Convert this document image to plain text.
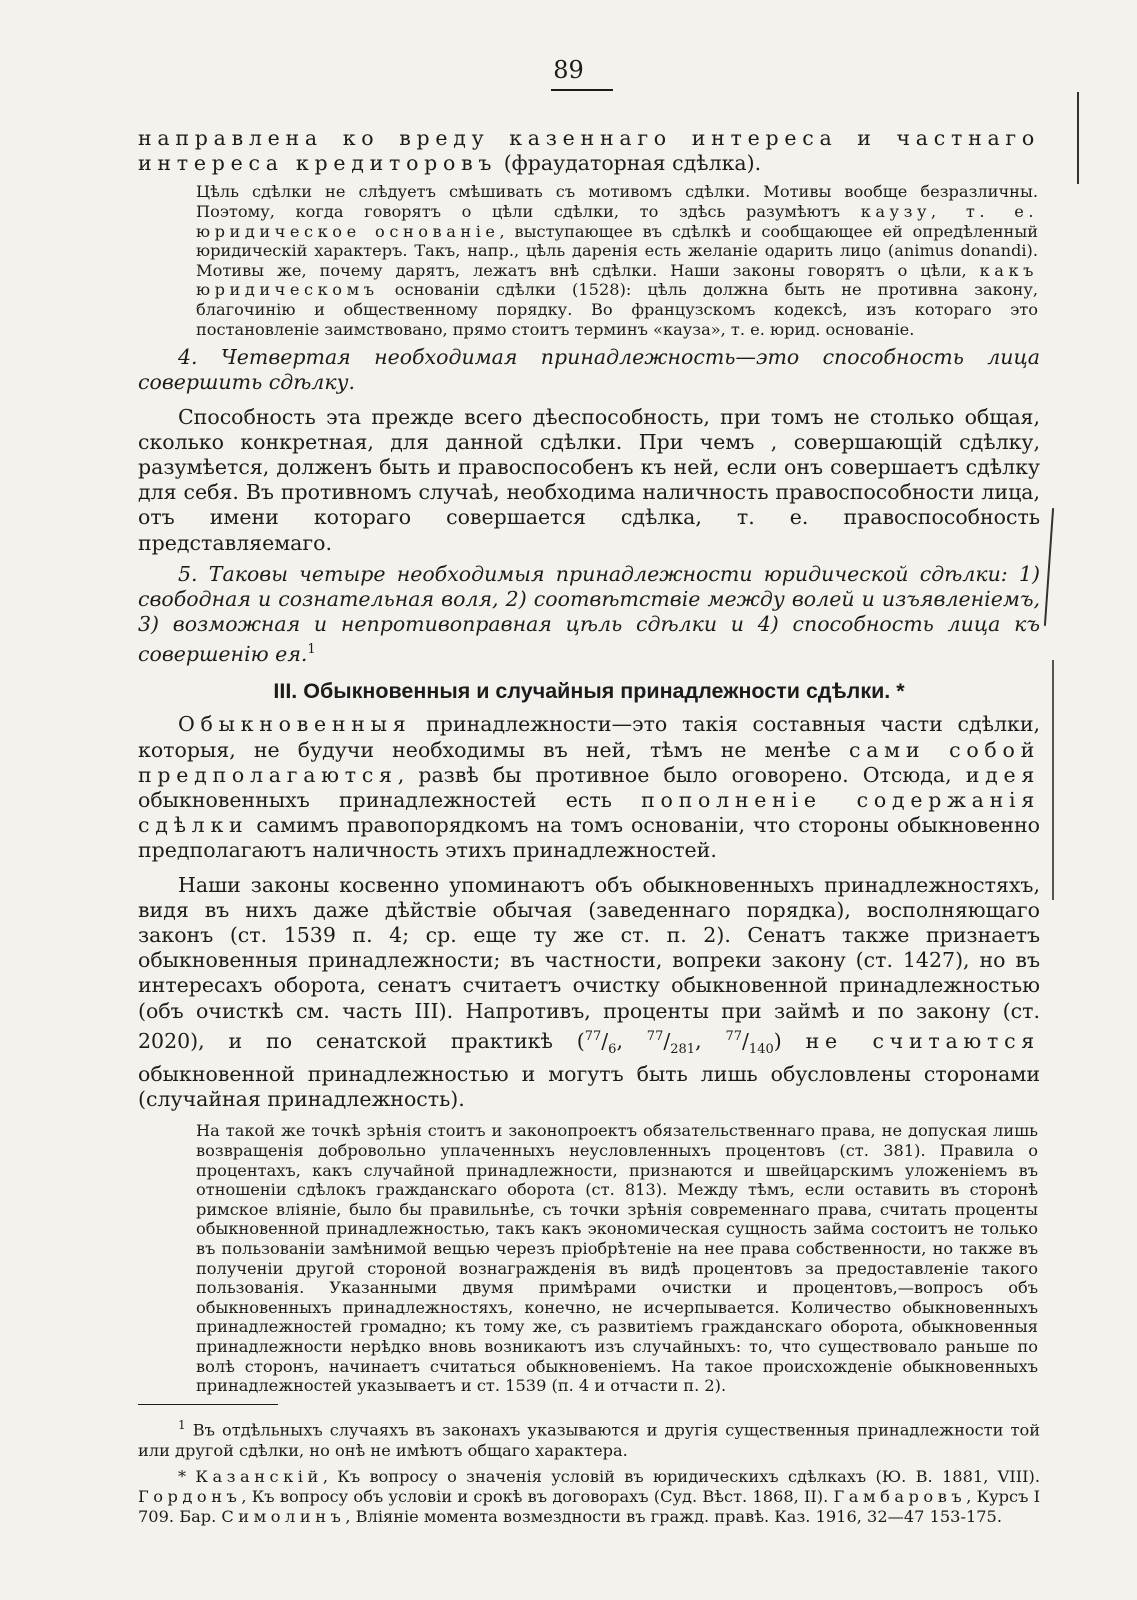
89

направлена ко вреду казеннаго интереса и частнаго интереса кредиторовъ (фраудаторная сдѣлка).

Цѣль сдѣлки не слѣдуетъ смѣшивать съ мотивомъ сдѣлки. Мотивы вообще безразличны. Поэтому, когда говорятъ о цѣли сдѣлки, то здѣсь разумѣютъ каузу, т. е. юридическое основаніе, выступающее въ сдѣлкѣ и сообщающее ей опредѣленный юридическій характеръ. Такъ, напр., цѣль даренія есть желаніе одарить лицо (animus donandi). Мотивы же, почему дарятъ, лежатъ внѣ сдѣлки. Наши законы говорятъ о цѣли, какъ юридическомъ основаніи сдѣлки (1528): цѣль должна быть не противна закону, благочинію и общественному порядку. Во французскомъ кодексѣ, изъ котораго это постановленіе заимствовано, прямо стоитъ терминъ «кауза», т. е. юрид. основаніе.

4. Четвертая необходимая принадлежность—это способность лица совершить сдѣлку.

Способность эта прежде всего дѣеспособность, при томъ не столько общая, сколько конкретная, для данной сдѣлки. При чемъ , совершающій сдѣлку, разумѣется, долженъ быть и правоспособенъ къ ней, если онъ совершаетъ сдѣлку для себя. Въ противномъ случаѣ, необходима наличность правоспособности лица, отъ имени котораго совершается сдѣлка, т. е. правоспособность представляемаго.

5. Таковы четыре необходимыя принадлежности юридической сдѣлки: 1) свободная и сознательная воля, 2) соотвѣтствіе между волей и изъявленіемъ, 3) возможная и непротивоправная цѣль сдѣлки и 4) способность лица къ совершенію ея.$^1$

III. Обыкновенныя и случайныя принадлежности сдѣлки. *

Обыкновенныя принадлежности—это такія составныя части сдѣлки, которыя, не будучи необходимы въ ней, тѣмъ не менѣе сами собой предполагаются, развѣ бы противное было оговорено. Отсюда, идея обыкновенныхъ принадлежностей есть пополненіе содержанія сдѣлки самимъ правопорядкомъ на томъ основаніи, что стороны обыкновенно предполагаютъ наличность этихъ принадлежностей.

Наши законы косвенно упоминаютъ объ обыкновенныхъ принадлежностяхъ, видя въ нихъ даже дѣйствіе обычая (заведеннаго порядка), восполняющаго законъ (ст. 1539 п. 4; ср. еще ту же ст. п. 2). Сенатъ также признаетъ обыкновенныя принадлежности; въ частности, вопреки закону (ст. 1427), но въ интересахъ оборота, сенатъ считаетъ очистку обыкновенной принадлежностью (объ очисткѣ см. часть III). Напротивъ, проценты при займѣ и по закону (ст. 2020), и по сенатской практикѣ ($^{77}/_6$, $^{77}/_{281}$, $^{77}/_{140}$) не считаются обыкновенной принадлежностью и могутъ быть лишь обусловлены сторонами (случайная принадлежность).

На такой же точкѣ зрѣнія стоитъ и законопроектъ обязательственнаго права, не допуская лишь возвращенія добровольно уплаченныхъ неусловленныхъ процентовъ (ст. 381). Правила о процентахъ, какъ случайной принадлежности, признаются и швейцарскимъ уложеніемъ въ отношеніи сдѣлокъ гражданскаго оборота (ст. 813). Между тѣмъ, если оставить въ сторонѣ римское вліяніе, было бы правильнѣе, съ точки зрѣнія современнаго права, считать проценты обыкновенной принадлежностью, такъ какъ экономическая сущность займа состоитъ не только въ пользованіи замѣнимой вещью черезъ пріобрѣтеніе на нее права собственности, но также въ полученіи другой стороной вознагражденія въ видѣ процентовъ за предоставленіе такого пользованія. Указанными двумя примѣрами очистки и процентовъ,—вопросъ объ обыкновенныхъ принадлежностяхъ, конечно, не исчерпывается. Количество обыкновенныхъ принадлежностей громадно; къ тому же, съ развитіемъ гражданскаго оборота, обыкновенныя принадлежности нерѣдко вновь возникаютъ изъ случайныхъ: то, что существовало раньше по волѣ сторонъ, начинаетъ считаться обыкновеніемъ. На такое происхожденіе обыкновенныхъ принадлежностей указываетъ и ст. 1539 (п. 4 и отчасти п. 2).

$^1$ Въ отдѣльныхъ случаяхъ въ законахъ указываются и другія существенныя принадлежности той или другой сдѣлки, но онѣ не имѣютъ общаго характера.

* Казанскій, Къ вопросу о значенія условій въ юридическихъ сдѣлкахъ (Ю. В. 1881, VIII). Гордонъ, Къ вопросу объ условіи и срокѣ въ договорахъ (Суд. Вѣст. 1868, II). Гамбаровъ, Курсъ I 709. Бар. Симолинъ, Вліяніе момента возмездности въ гражд. правѣ. Каз. 1916, 32—47 153-175.
